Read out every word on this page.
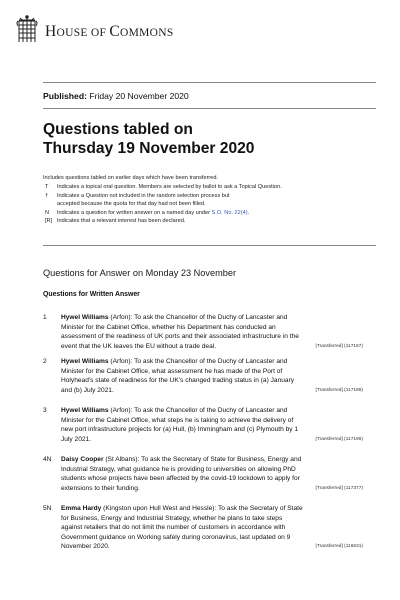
HOUSE OF COMMONS
Published: Friday 20 November 2020
Questions tabled on
Thursday 19 November 2020
Includes questions tabled on earlier days which have been transferred.
T Indicates a topical oral question. Members are selected by ballot to ask a Topical Question.
† Indicates a Question not included in the random selection process but
accepted because the quota for that day had not been filled.
N Indicates a question for written answer on a named day under S.O. No. 22(4).
[R] Indicates that a relevant interest has been declared.
Questions for Answer on Monday 23 November
Questions for Written Answer
1 Hywel Williams (Arfon): To ask the Chancellor of the Duchy of Lancaster and
Minister for the Cabinet Office, whether his Department has conducted an
assessment of the readiness of UK ports and their associated infrastructure in the
event that the UK leaves the EU without a trade deal.	[Transferred] (117187)
2 Hywel Williams (Arfon): To ask the Chancellor of the Duchy of Lancaster and
Minister for the Cabinet Office, what assessment he has made of the Port of
Holyhead's state of readiness for the UK's changed trading status in (a) January
and (b) July 2021.	[Transferred] (117188)
3 Hywel Williams (Arfon): To ask the Chancellor of the Duchy of Lancaster and
Minister for the Cabinet Office, what steps he is taking to achieve the delivery of
new port infrastructure projects for (a) Hull, (b) Immingham and (c) Plymouth by 1
July 2021.	[Transferred] (117186)
4N Daisy Cooper (St Albans): To ask the Secretary of State for Business, Energy and
Industrial Strategy, what guidance he is providing to universities on allowing PhD
students whose projects have been affected by the covid-19 lockdown to apply for
extensions to their funding.	[Transferred] (117377)
5N Emma Hardy (Kingston upon Hull West and Hessle): To ask the Secretary of State
for Business, Energy and Industrial Strategy, whether he plans to take steps
against retailers that do not limit the number of customers in accordance with
Government guidance on Working safely during coronavirus, last updated on 9
November 2020.	[Transferred] (116631)
